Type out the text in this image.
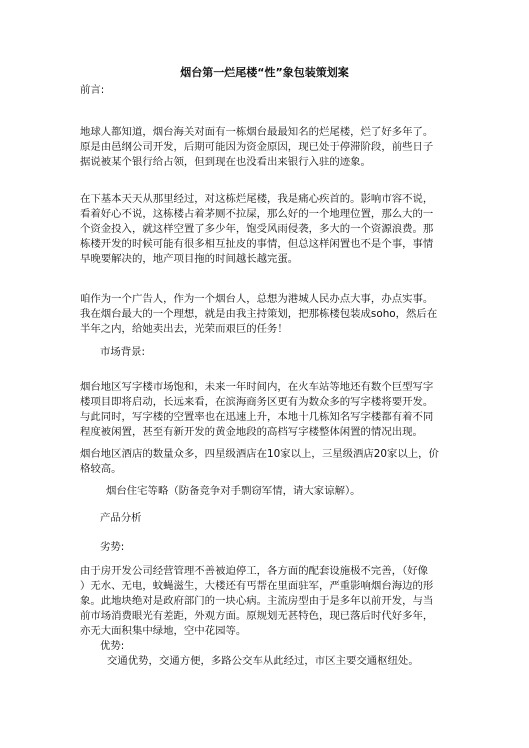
烟台第一烂尾楼“性”象包装策划案
前言:
地球人都知道，烟台海关对面有一栋烟台最最知名的烂尾楼，烂了好多年了。
原是由邑纲公司开发，后期可能因为资金原因，现已处于停滞阶段，前些日子
据说被某个银行给占领，但到现在也没看出来银行入驻的迹象。
在下基本天天从那里经过，对这栋烂尾楼，我是痛心疾首的。影响市容不说，
看着好心不说，这栋楼占着茅厕不拉屎，那么好的一个地理位置，那么大的一
个资金投入，就这样空置了多少年，饱受风雨侵袭，多大的一个资源浪费。那
栋楼开发的时候可能有很多相互扯皮的事情，但总这样闲置也不是个事，事情
早晚要解决的，地产项目拖的时间越长越完蛋。
咱作为一个广告人，作为一个烟台人，总想为港城人民办点大事，办点实事。
我在烟台最大的一个理想，就是由我主持策划，把那栋楼包装成soho，然后在
半年之内，给她卖出去，光荣而艰巨的任务！
市场背景:
烟台地区写字楼市场饱和，未来一年时间内，在火车站等地还有数个巨型写字
楼项目即将启动，长远来看，在滨海商务区更有为数众多的写字楼将要开发。
与此同时，写字楼的空置率也在迅速上升，本地十几栋知名写字楼都有着不同
程度被闲置，甚至有新开发的黄金地段的高档写字楼整体闲置的情况出现。
烟台地区酒店的数量众多，四星级酒店在10家以上，三星级酒店20家以上，价
格较高。
烟台住宅等略（防备竞争对手剽窃军情，请大家谅解）。
产品分析
劣势:
由于房开发公司经营管理不善被迫停工，各方面的配套设施极不完善，（好像
）无水、无电，蚊蝇滋生，大楼还有丐帮在里面驻军，严重影响烟台海边的形
象。此地块绝对是政府部门的一块心病。主流房型由于是多年以前开发，与当
前市场消费眼光有差距，外观方面。原规划无甚特色，现已落后时代好多年，
亦无大面积集中绿地，空中花园等。
优势:
交通优势，交通方便，多路公交车从此经过，市区主要交通枢纽处。
